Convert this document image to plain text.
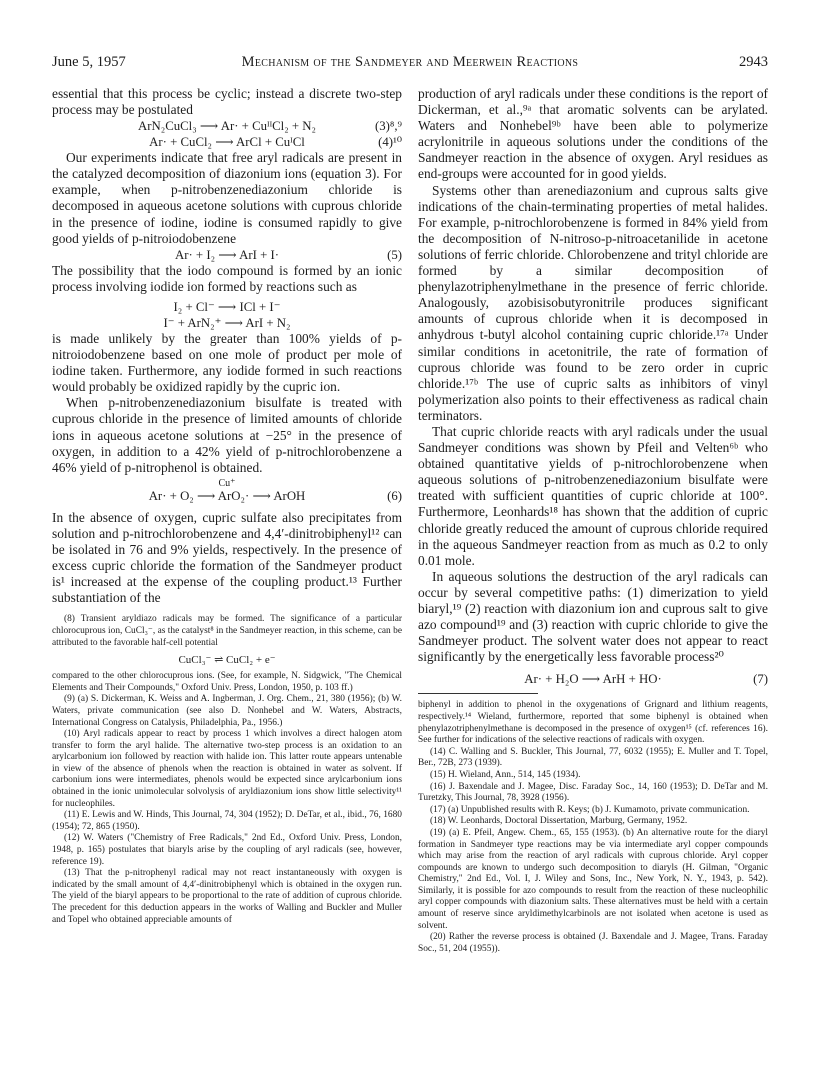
June 5, 1957	Mechanism of the Sandmeyer and Meerwein Reactions	2943

essential that this process be cyclic; instead a discrete two-step process may be postulated

ArN₂CuCl₃ ⟶ Ar· + CuᴵᴵCl₂ + N₂	(3)⁸,⁹
Ar· + CuCl₂ ⟶ ArCl + CuᴵCl	(4)¹⁰

Our experiments indicate that free aryl radicals are present in the catalyzed decomposition of diazonium ions (equation 3). For example, when p-nitrobenzenediazonium chloride is decomposed in aqueous acetone solutions with cuprous chloride in the presence of iodine, iodine is consumed rapidly to give good yields of p-nitroiodobenzene

Ar· + I₂ ⟶ ArI + I·	(5)

The possibility that the iodo compound is formed by an ionic process involving iodide ion formed by reactions such as

I₂ + Cl⁻ ⟶ ICl + I⁻
I⁻ + ArN₂⁺ ⟶ ArI + N₂

is made unlikely by the greater than 100% yields of p-nitroiodobenzene based on one mole of product per mole of iodine taken. Furthermore, any iodide formed in such reactions would probably be oxidized rapidly by the cupric ion.

When p-nitrobenzenediazonium bisulfate is treated with cuprous chloride in the presence of limited amounts of chloride ions in aqueous acetone solutions at −25° in the presence of oxygen, in addition to a 42% yield of p-nitrochlorobenzene a 46% yield of p-nitrophenol is obtained.

Cu⁺
Ar· + O₂ ⟶ ArO₂· ⟶ ArOH	(6)

In the absence of oxygen, cupric sulfate also precipitates from solution and p-nitrochlorobenzene and 4,4′-dinitrobiphenyl¹² can be isolated in 76 and 9% yields, respectively. In the presence of excess cupric chloride the formation of the Sandmeyer product is¹ increased at the expense of the coupling product.¹³ Further substantiation of the

(8) Transient aryldiazo radicals may be formed. The significance of a particular chlorocuprous ion, CuCl₃⁻, as the catalyst⁸ in the Sandmeyer reaction, in this scheme, can be attributed to the favorable half-cell potential

CuCl₃⁻ ⇌ CuCl₂ + e⁻

compared to the other chlorocuprous ions. (See, for example, N. Sidgwick, "The Chemical Elements and Their Compounds," Oxford Univ. Press, London, 1950, p. 103 ff.)

(9) (a) S. Dickerman, K. Weiss and A. Ingberman, J. Org. Chem., 21, 380 (1956); (b) W. Waters, private communication (see also D. Nonhebel and W. Waters, Abstracts, International Congress on Catalysis, Philadelphia, Pa., 1956.)

(10) Aryl radicals appear to react by process 1 which involves a direct halogen atom transfer to form the aryl halide. The alternative two-step process is an oxidation to an arylcarbonium ion followed by reaction with halide ion. This latter route appears untenable in view of the absence of phenols when the reaction is obtained in water as solvent. If carbonium ions were intermediates, phenols would be expected since arylcarbonium ions obtained in the ionic unimolecular solvolysis of aryldiazonium ions show little selectivity¹¹ for nucleophiles.

(11) E. Lewis and W. Hinds, This Journal, 74, 304 (1952); D. DeTar, et al., ibid., 76, 1680 (1954); 72, 865 (1950).

(12) W. Waters ("Chemistry of Free Radicals," 2nd Ed., Oxford Univ. Press, London, 1948, p. 165) postulates that biaryls arise by the coupling of aryl radicals (see, however, reference 19).

(13) That the p-nitrophenyl radical may not react instantaneously with oxygen is indicated by the small amount of 4,4′-dinitrobiphenyl which is obtained in the oxygen run. The yield of the biaryl appears to be proportional to the rate of addition of cuprous chloride. The precedent for this deduction appears in the works of Walling and Buckler and Muller and Topel who obtained appreciable amounts of

production of aryl radicals under these conditions is the report of Dickerman, et al.,⁹ᵃ that aromatic solvents can be arylated. Waters and Nonhebel⁹ᵇ have been able to polymerize acrylonitrile in aqueous solutions under the conditions of the Sandmeyer reaction in the absence of oxygen. Aryl residues as end-groups were accounted for in good yields.

Systems other than arenediazonium and cuprous salts give indications of the chain-terminating properties of metal halides. For example, p-nitrochlorobenzene is formed in 84% yield from the decomposition of N-nitroso-p-nitroacetanilide in acetone solutions of ferric chloride. Chlorobenzene and trityl chloride are formed by a similar decomposition of phenylazotriphenylmethane in the presence of ferric chloride. Analogously, azobisisobutyronitrile produces significant amounts of cuprous chloride when it is decomposed in anhydrous t-butyl alcohol containing cupric chloride.¹⁷ᵃ Under similar conditions in acetonitrile, the rate of formation of cuprous chloride was found to be zero order in cupric chloride.¹⁷ᵇ The use of cupric salts as inhibitors of vinyl polymerization also points to their effectiveness as radical chain terminators.

That cupric chloride reacts with aryl radicals under the usual Sandmeyer conditions was shown by Pfeil and Velten⁶ᵇ who obtained quantitative yields of p-nitrochlorobenzene when aqueous solutions of p-nitrobenzenediazonium bisulfate were treated with sufficient quantities of cupric chloride at 100°. Furthermore, Leonhards¹⁸ has shown that the addition of cupric chloride greatly reduced the amount of cuprous chloride required in the aqueous Sandmeyer reaction from as much as 0.2 to only 0.01 mole.

In aqueous solutions the destruction of the aryl radicals can occur by several competitive paths: (1) dimerization to yield biaryl,¹⁹ (2) reaction with diazonium ion and cuprous salt to give azo compound¹⁹ and (3) reaction with cupric chloride to give the Sandmeyer product. The solvent water does not appear to react significantly by the energetically less favorable process²⁰

Ar· + H₂O ⟶ ArH + HO·	(7)

biphenyl in addition to phenol in the oxygenations of Grignard and lithium reagents, respectively.¹⁴ Wieland, furthermore, reported that some biphenyl is obtained when phenylazotriphenylmethane is decomposed in the presence of oxygen¹⁵ (cf. references 16). See further for indications of the selective reactions of radicals with oxygen.

(14) C. Walling and S. Buckler, This Journal, 77, 6032 (1955); E. Muller and T. Topel, Ber., 72B, 273 (1939).

(15) H. Wieland, Ann., 514, 145 (1934).

(16) J. Baxendale and J. Magee, Disc. Faraday Soc., 14, 160 (1953); D. DeTar and M. Turetzky, This Journal, 78, 3928 (1956).

(17) (a) Unpublished results with R. Keys; (b) J. Kumamoto, private communication.

(18) W. Leonhards, Doctoral Dissertation, Marburg, Germany, 1952.

(19) (a) E. Pfeil, Angew. Chem., 65, 155 (1953). (b) An alternative route for the diaryl formation in Sandmeyer type reactions may be via intermediate aryl copper compounds which may arise from the reaction of aryl radicals with cuprous chloride. Aryl copper compounds are known to undergo such decomposition to diaryls (H. Gilman, "Organic Chemistry," 2nd Ed., Vol. I, J. Wiley and Sons, Inc., New York, N. Y., 1943, p. 542). Similarly, it is possible for azo compounds to result from the reaction of these nucleophilic aryl copper compounds with diazonium salts. These alternatives must be held with a certain amount of reserve since aryldimethylcarbinols are not isolated when acetone is used as solvent.

(20) Rather the reverse process is obtained (J. Baxendale and J. Magee, Trans. Faraday Soc., 51, 204 (1955)).
